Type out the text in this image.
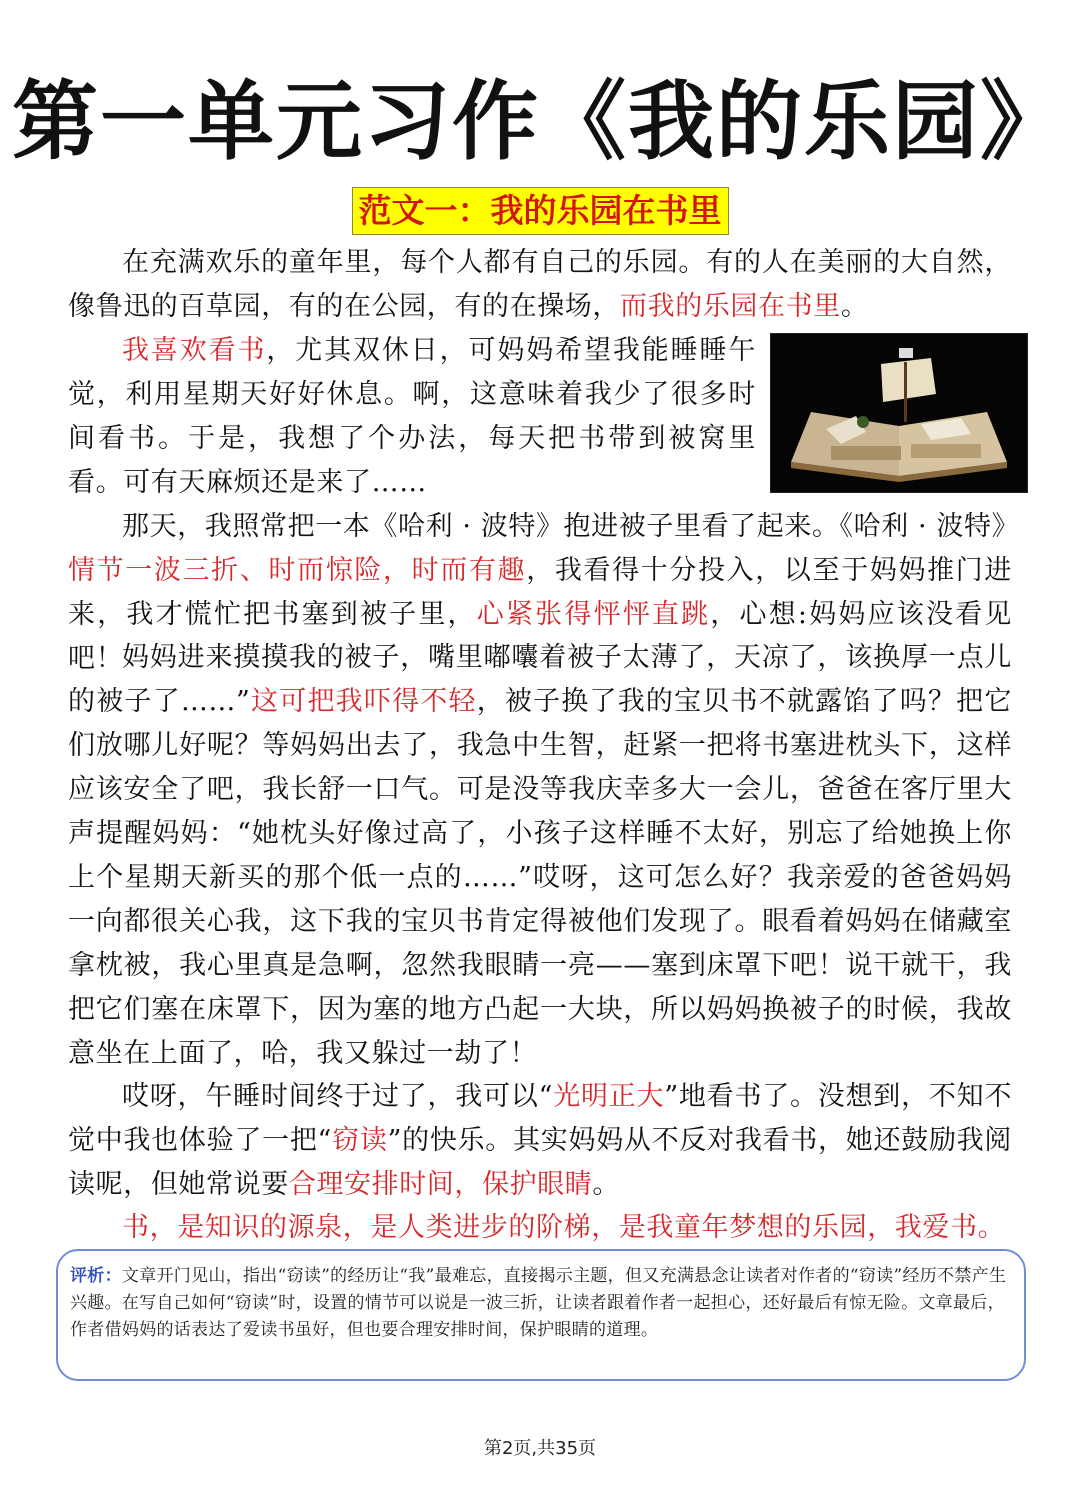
第一单元习作《我的乐园》
范文一：我的乐园在书里

在充满欢乐的童年里，每个人都有自己的乐园。有的人在美丽的大自然，像鲁迅的百草园，有的在公园，有的在操场，而我的乐园在书里。

我喜欢看书，尤其双休日，可妈妈希望我能睡睡午觉，利用星期天好好休息。啊，这意味着我少了很多时间看书。于是，我想了个办法，每天把书带到被窝里看。可有天麻烦还是来了……

那天，我照常把一本《哈利 · 波特》抱进被子里看了起来。《哈利 · 波特》情节一波三折、时而惊险，时而有趣，我看得十分投入，以至于妈妈推门进来，我才慌忙把书塞到被子里，心紧张得怦怦直跳，心想:妈妈应该没看见吧！

妈妈进来摸摸我的被子，嘴里嘟囔着被子太薄了，天凉了，该换厚一点儿的被子了……”这可把我吓得不轻，被子换了我的宝贝书不就露馅了吗？把它们放哪儿好呢？等妈妈出去了，我急中生智，赶紧一把将书塞进枕头下，这样应该安全了吧，我长舒一口气。可是没等我庆幸多大一会儿，爸爸在客厅里大声提醒妈妈：“她枕头好像过高了，小孩子这样睡不太好，别忘了给她换上你上个星期天新买的那个低一点的……”哎呀，这可怎么好？我亲爱的爸爸妈妈一向都很关心我，这下我的宝贝书肯定得被他们发现了。眼看着妈妈在储藏室拿枕被，我心里真是急啊，忽然我眼睛一亮——塞到床罩下吧！说干就干，我把它们塞在床罩下，因为塞的地方凸起一大块，所以妈妈换被子的时候，我故意坐在上面了，哈，我又躲过一劫了！

哎呀，午睡时间终于过了，我可以“光明正大”地看书了。没想到，不知不觉中我也体验了一把“窃读”的快乐。其实妈妈从不反对我看书，她还鼓励我阅读呢，但她常说要合理安排时间，保护眼睛。

书，是知识的源泉，是人类进步的阶梯，是我童年梦想的乐园，我爱书。

评析：文章开门见山，指出“窃读”的经历让“我”最难忘，直接揭示主题，但又充满悬念让读者对作者的“窃读”经历不禁产生兴趣。在写自己如何“窃读”时，设置的情节可以说是一波三折，让读者跟着作者一起担心，还好最后有惊无险。文章最后，作者借妈妈的话表达了爱读书虽好，但也要合理安排时间，保护眼睛的道理。
第2页,共35页
